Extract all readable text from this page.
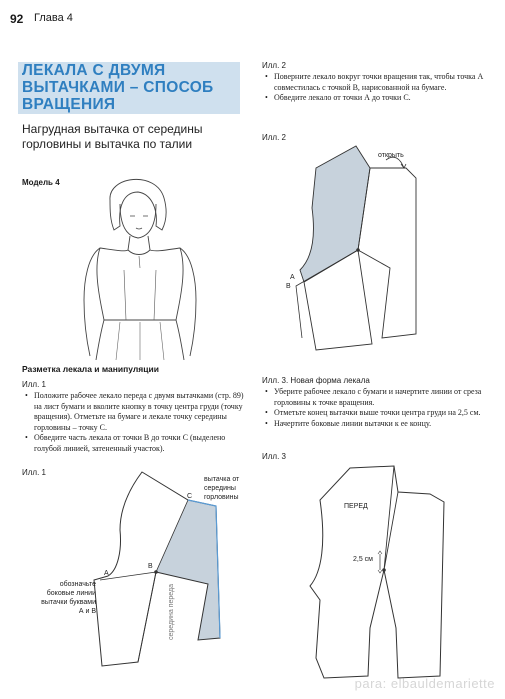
92 Глава 4
ЛЕКАЛА С ДВУМЯ
ВЫТАЧКАМИ – СПОСОБ
ВРАЩЕНИЯ
Нагрудная вытачка от середины горловины и вытачка по талии
Модель 4
Разметка лекала и манипуляции
Илл. 1
• Положите рабочее лекало переда с двумя вытачками (стр. 89) на лист бумаги и вколите кнопку в точку центра груди (точку вращения). Отметьте на бумаге и лекале точку середины горловины – точку С.
• Обведите часть лекала от точки В до точки С (выделено голубой линией, затененный участок).
Илл. 1
A
B
C
вытачка от
середины
горловины
обозначьте
боковые линии
вытачки буквами
А и В	середина переда
Илл. 2
• Поверните лекало вокруг точки вращения так, чтобы точка А совместилась с точкой В, нарисованной на бумаге.
• Обведите лекало от точки А до точки С.
Илл. 2
открыть
A
B
Илл. 3. Новая форма лекала
• Уберите рабочее лекало с бумаги и начертите линии от среза горловины к точке вращения.
• Отметьте конец вытачки выше точки центра груди на 2,5 см.
• Начертите боковые линии вытачки к ее концу.
Илл. 3
ПЕРЕД
2,5 см
para: elbauldemariette
